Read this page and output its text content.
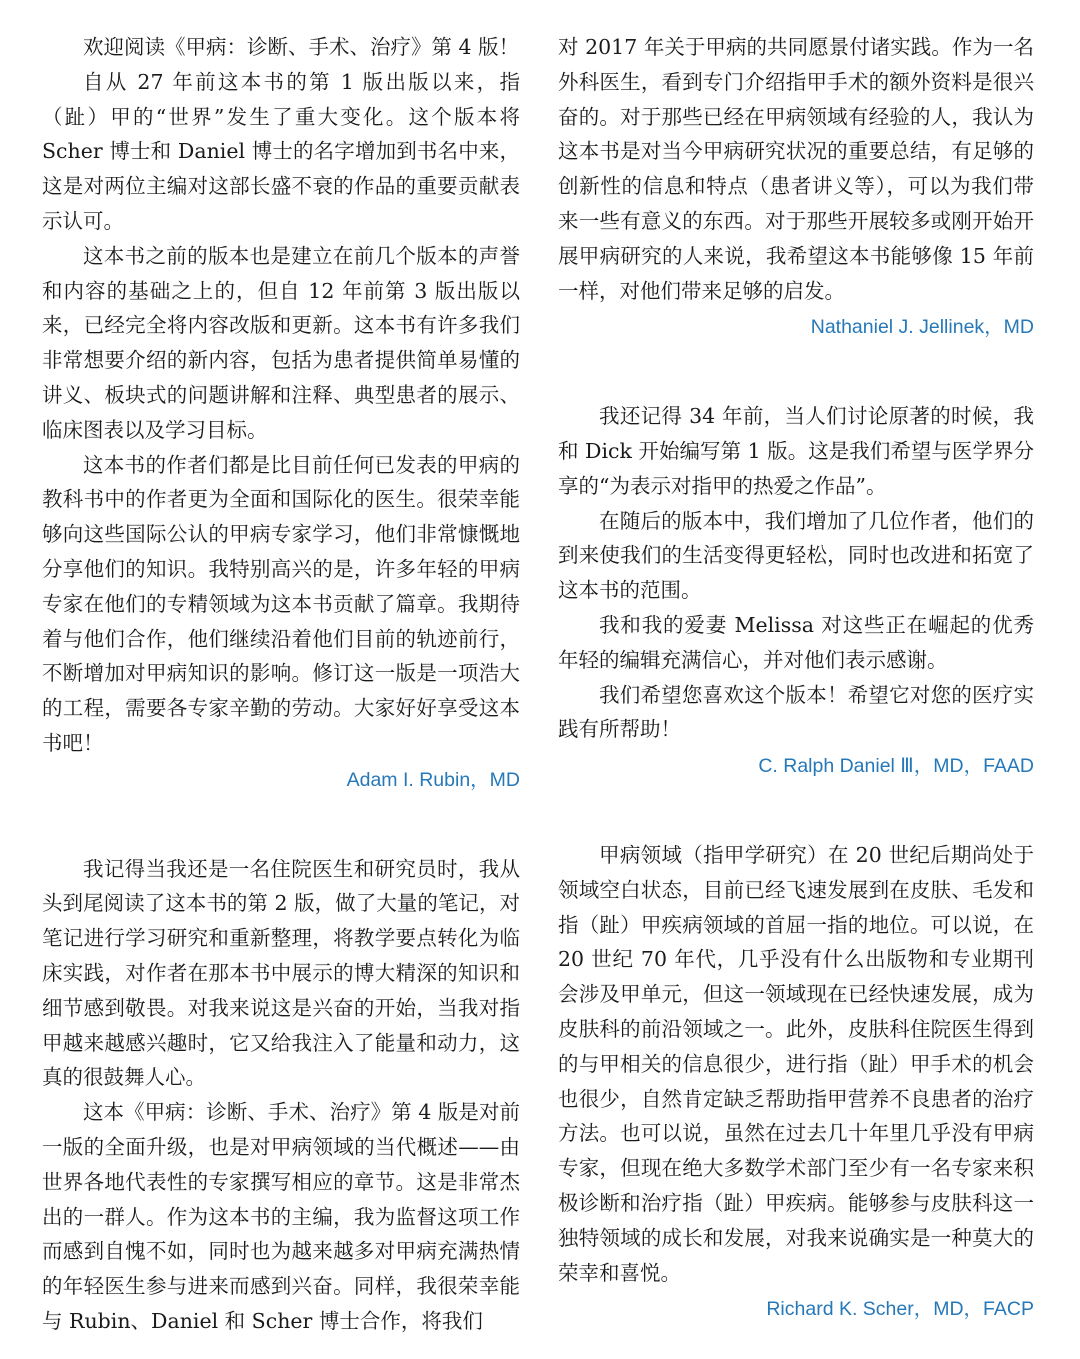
欢迎阅读《甲病：诊断、手术、治疗》第 4 版！

自从 27 年前这本书的第 1 版出版以来，指（趾）甲的“世界”发生了重大变化。这个版本将 Scher 博士和 Daniel 博士的名字增加到书名中来，这是对两位主编对这部长盛不衰的作品的重要贡献表示认可。

这本书之前的版本也是建立在前几个版本的声誉和内容的基础之上的，但自 12 年前第 3 版出版以来，已经完全将内容改版和更新。这本书有许多我们非常想要介绍的新内容，包括为患者提供简单易懂的讲义、板块式的问题讲解和注释、典型患者的展示、临床图表以及学习目标。

这本书的作者们都是比目前任何已发表的甲病的教科书中的作者更为全面和国际化的医生。很荣幸能够向这些国际公认的甲病专家学习，他们非常慷慨地分享他们的知识。我特别高兴的是，许多年轻的甲病专家在他们的专精领域为这本书贡献了篇章。我期待着与他们合作，他们继续沿着他们目前的轨迹前行，不断增加对甲病知识的影响。修订这一版是一项浩大的工程，需要各专家辛勤的劳动。大家好好享受这本书吧！

Adam I. Rubin，MD

我记得当我还是一名住院医生和研究员时，我从头到尾阅读了这本书的第 2 版，做了大量的笔记，对笔记进行学习研究和重新整理，将教学要点转化为临床实践，对作者在那本书中展示的博大精深的知识和细节感到敬畏。对我来说这是兴奋的开始，当我对指甲越来越感兴趣时，它又给我注入了能量和动力，这真的很鼓舞人心。

这本《甲病：诊断、手术、治疗》第 4 版是对前一版的全面升级，也是对甲病领域的当代概述——由世界各地代表性的专家撰写相应的章节。这是非常杰出的一群人。作为这本书的主编，我为监督这项工作而感到自愧不如，同时也为越来越多对甲病充满热情的年轻医生参与进来而感到兴奋。同样，我很荣幸能与 Rubin、Daniel 和 Scher 博士合作，将我们

对 2017 年关于甲病的共同愿景付诸实践。作为一名外科医生，看到专门介绍指甲手术的额外资料是很兴奋的。对于那些已经在甲病领域有经验的人，我认为这本书是对当今甲病研究状况的重要总结，有足够的创新性的信息和特点（患者讲义等），可以为我们带来一些有意义的东西。对于那些开展较多或刚开始开展甲病研究的人来说，我希望这本书能够像 15 年前一样，对他们带来足够的启发。

Nathaniel J. Jellinek，MD

我还记得 34 年前，当人们讨论原著的时候，我和 Dick 开始编写第 1 版。这是我们希望与医学界分享的“为表示对指甲的热爱之作品”。

在随后的版本中，我们增加了几位作者，他们的到来使我们的生活变得更轻松，同时也改进和拓宽了这本书的范围。

我和我的爱妻 Melissa 对这些正在崛起的优秀年轻的编辑充满信心，并对他们表示感谢。

我们希望您喜欢这个版本！希望它对您的医疗实践有所帮助！

C. Ralph Daniel Ⅲ，MD，FAAD

甲病领域（指甲学研究）在 20 世纪后期尚处于领域空白状态，目前已经飞速发展到在皮肤、毛发和指（趾）甲疾病领域的首屈一指的地位。可以说，在 20 世纪 70 年代，几乎没有什么出版物和专业期刊会涉及甲单元，但这一领域现在已经快速发展，成为皮肤科的前沿领域之一。此外，皮肤科住院医生得到的与甲相关的信息很少，进行指（趾）甲手术的机会也很少，自然肯定缺乏帮助指甲营养不良患者的治疗方法。也可以说，虽然在过去几十年里几乎没有甲病专家，但现在绝大多数学术部门至少有一名专家来积极诊断和治疗指（趾）甲疾病。能够参与皮肤科这一独特领域的成长和发展，对我来说确实是一种莫大的荣幸和喜悦。

Richard K. Scher，MD，FACP
